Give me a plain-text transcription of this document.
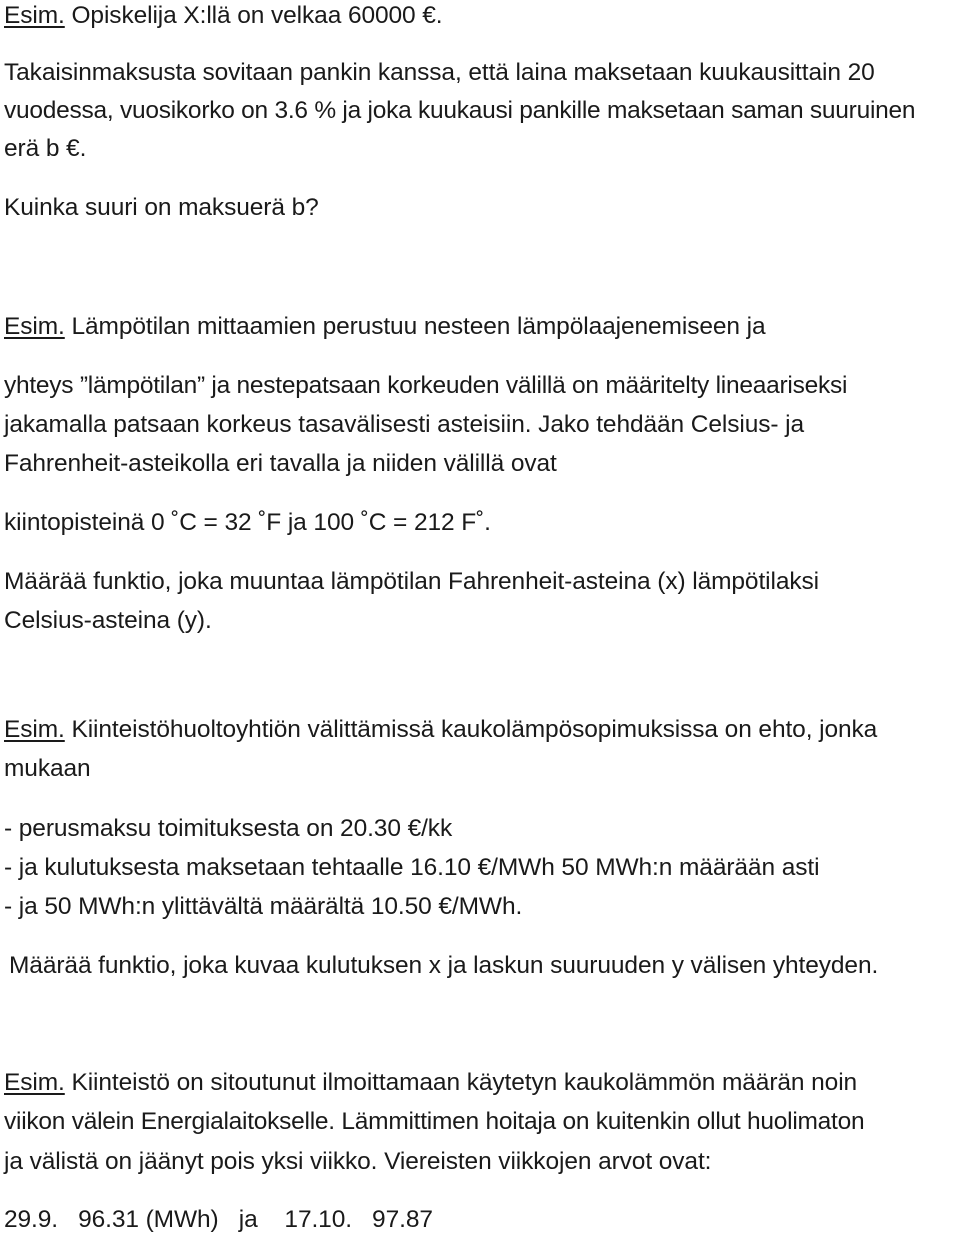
Esim. Opiskelija X:llä on velkaa 60000 €.
Takaisinmaksusta sovitaan pankin kanssa, että laina maksetaan kuukausittain 20
vuodessa, vuosikorko on 3.6 % ja joka kuukausi pankille maksetaan saman suuruinen
erä b €.
Kuinka suuri on maksuerä b?
Esim. Lämpötilan mittaamien perustuu nesteen lämpölaajenemiseen ja
yhteys ”lämpötilan” ja nestepatsaan korkeuden välillä on määritelty lineaariseksi
jakamalla patsaan korkeus tasavälisesti asteisiin. Jako tehdään Celsius- ja
Fahrenheit-asteikolla eri tavalla ja niiden välillä ovat
kiintopisteinä 0 ˚C = 32 ˚F ja 100 ˚C = 212 F˚.
Määrää funktio, joka muuntaa lämpötilan Fahrenheit-asteina (x) lämpötilaksi
Celsius-asteina (y).
Esim. Kiinteistöhuoltoyhtiön välittämissä kaukolämpösopimuksissa on ehto, jonka
mukaan
- perusmaksu toimituksesta on 20.30 €/kk
- ja kulutuksesta maksetaan tehtaalle 16.10 €/MWh 50 MWh:n määrään asti
- ja 50 MWh:n ylittävältä määrältä 10.50 €/MWh.
Määrää funktio, joka kuvaa kulutuksen x ja laskun suuruuden y välisen yhteyden.
Esim. Kiinteistö on sitoutunut ilmoittamaan käytetyn kaukolämmön määrän noin
viikon välein Energialaitokselle. Lämmittimen hoitaja on kuitenkin ollut huolimaton
ja välistä on jäänyt pois yksi viikko. Viereisten viikkojen arvot ovat:
29.9.   96.31 (MWh)   ja    17.10.   97.87
